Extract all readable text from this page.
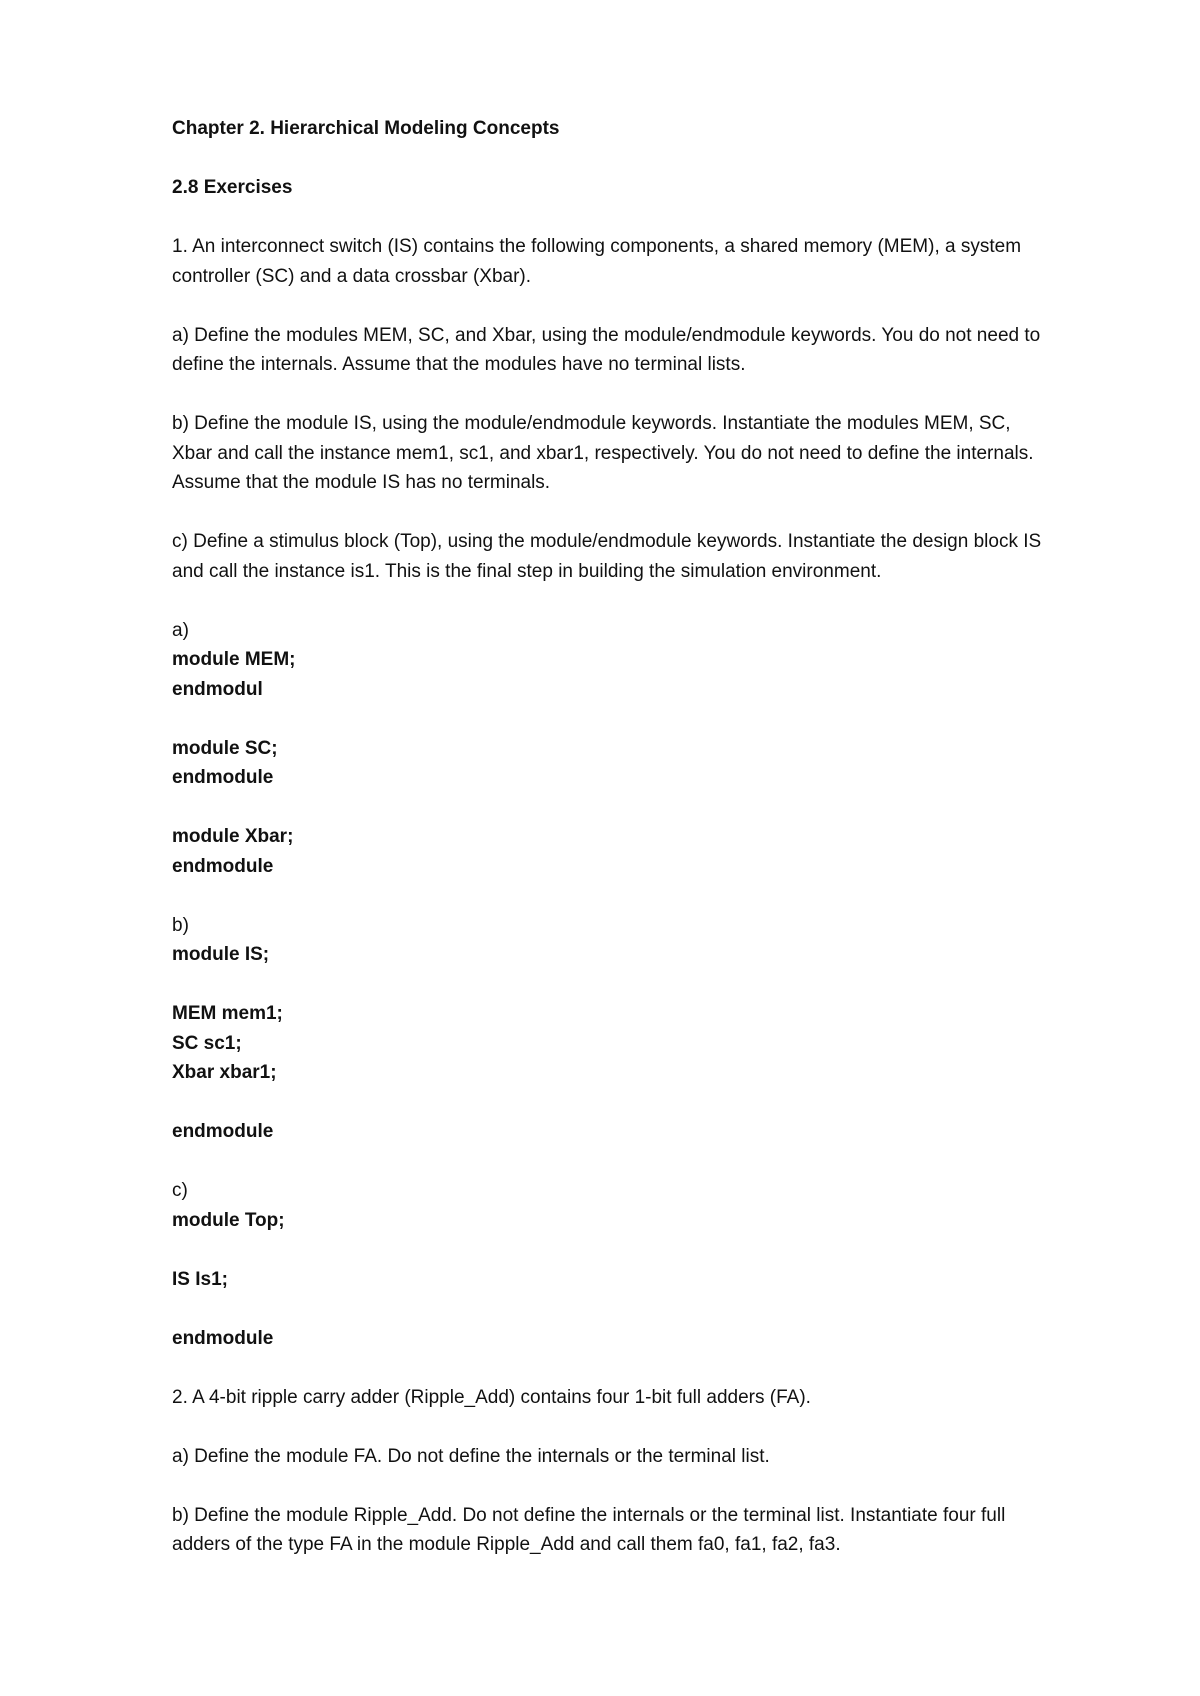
Chapter 2. Hierarchical Modeling Concepts

2.8 Exercises

1. An interconnect switch (IS) contains the following components, a shared memory (MEM), a system

controller (SC) and a data crossbar (Xbar).

a) Define the modules MEM, SC, and Xbar, using the module/endmodule keywords. You do not need to

define the internals. Assume that the modules have no terminal lists.

b) Define the module IS, using the module/endmodule keywords. Instantiate the modules MEM, SC,

Xbar and call the instance mem1, sc1, and xbar1, respectively. You do not need to define the internals.

Assume that the module IS has no terminals.

c) Define a stimulus block (Top), using the module/endmodule keywords. Instantiate the design block IS

and call the instance is1. This is the final step in building the simulation environment.

a)

module MEM;

endmodul

module SC;

endmodule

module Xbar;

endmodule

b)

module IS;

MEM mem1;

SC sc1;

Xbar xbar1;

endmodule

c)

module Top;

IS Is1;

endmodule

2. A 4-bit ripple carry adder (Ripple_Add) contains four 1-bit full adders (FA).

a) Define the module FA. Do not define the internals or the terminal list.

b) Define the module Ripple_Add. Do not define the internals or the terminal list. Instantiate four full

adders of the type FA in the module Ripple_Add and call them fa0, fa1, fa2, fa3.
